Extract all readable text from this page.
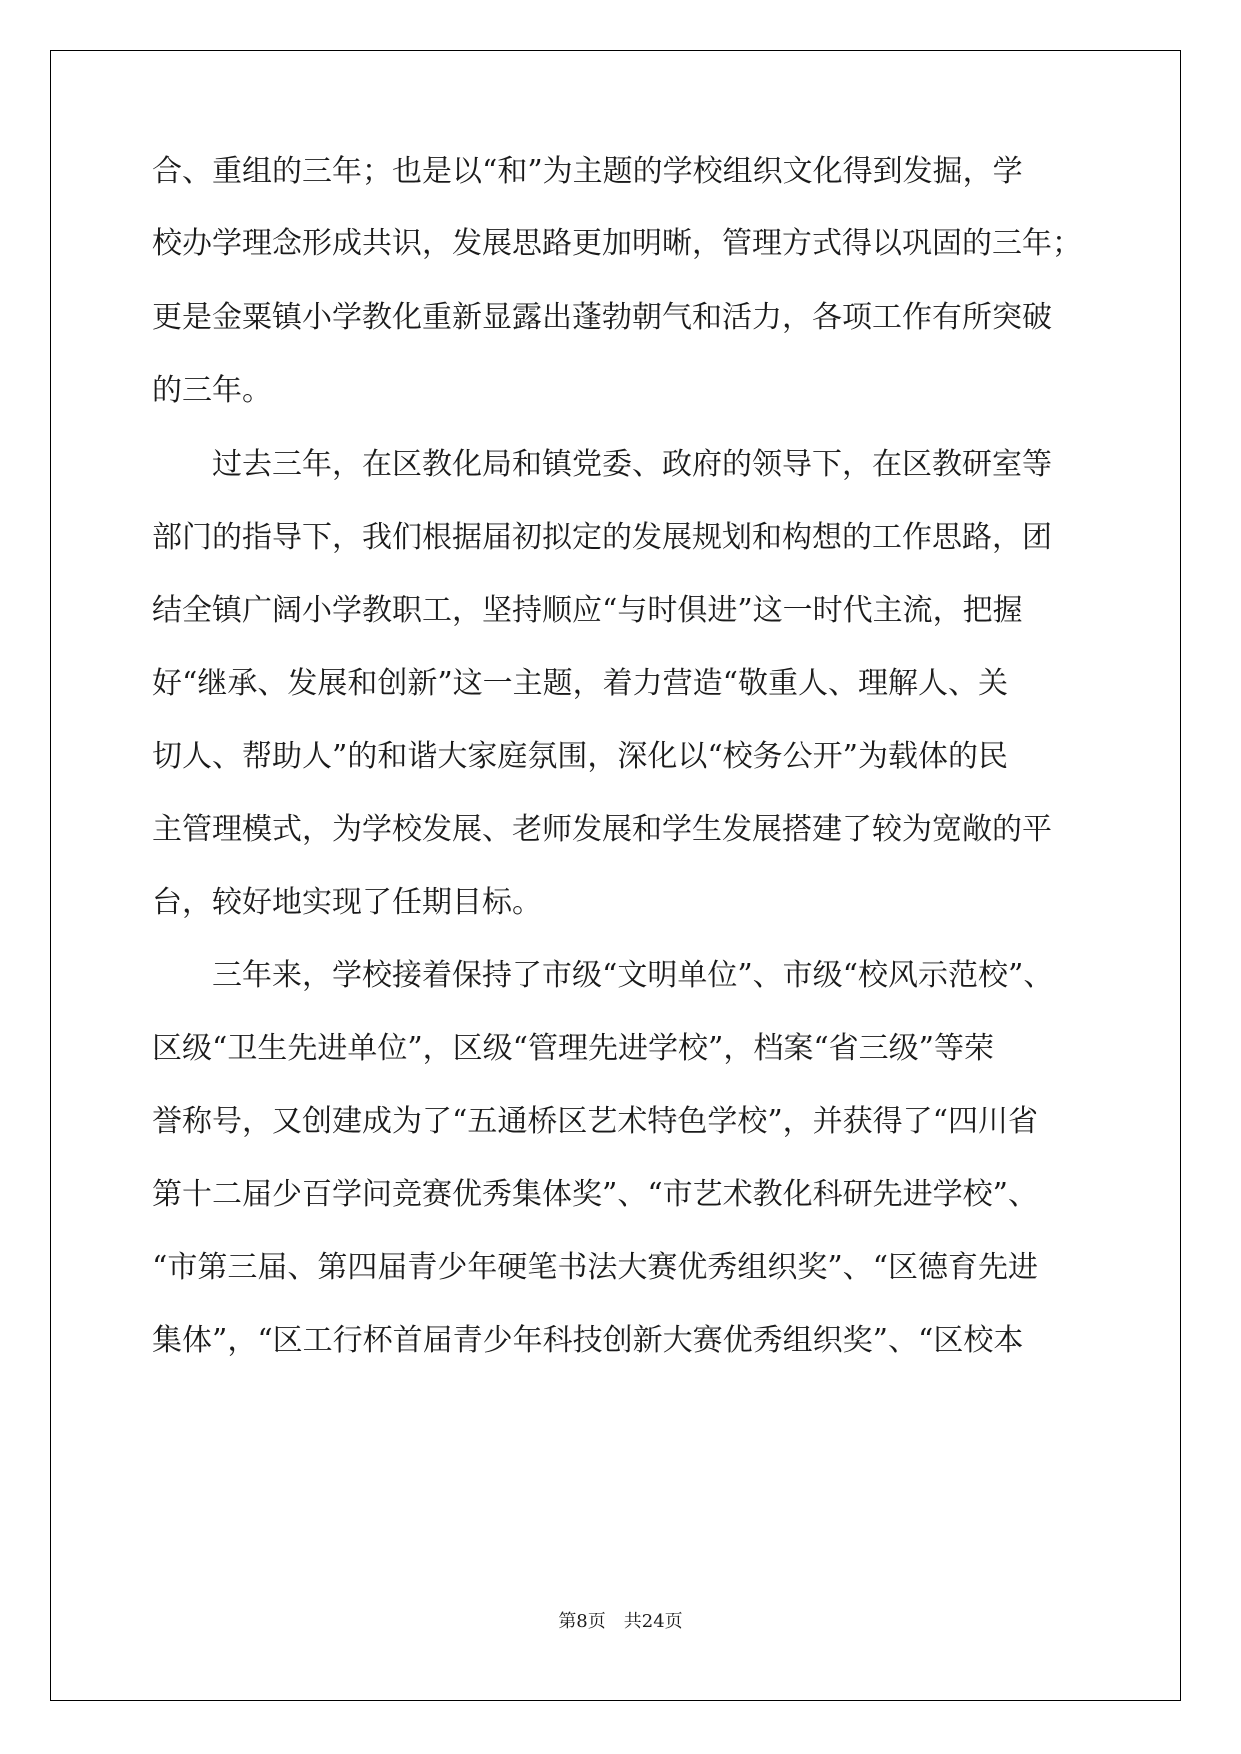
合、重组的三年；也是以“和”为主题的学校组织文化得到发掘，学
校办学理念形成共识，发展思路更加明晰，管理方式得以巩固的三年；
更是金粟镇小学教化重新显露出蓬勃朝气和活力，各项工作有所突破
的三年。
　　过去三年，在区教化局和镇党委、政府的领导下，在区教研室等
部门的指导下，我们根据届初拟定的发展规划和构想的工作思路，团
结全镇广阔小学教职工，坚持顺应“与时俱进”这一时代主流，把握
好“继承、发展和创新”这一主题，着力营造“敬重人、理解人、关
切人、帮助人”的和谐大家庭氛围，深化以“校务公开”为载体的民
主管理模式，为学校发展、老师发展和学生发展搭建了较为宽敞的平
台，较好地实现了任期目标。
　　三年来，学校接着保持了市级“文明单位”、市级“校风示范校”、
区级“卫生先进单位”，区级“管理先进学校”，档案“省三级”等荣
誉称号，又创建成为了“五通桥区艺术特色学校”，并获得了“四川省
第十二届少百学问竞赛优秀集体奖”、“市艺术教化科研先进学校”、
“市第三届、第四届青少年硬笔书法大赛优秀组织奖”、“区德育先进
集体”，“区工行杯首届青少年科技创新大赛优秀组织奖”、“区校本
第8页　共24页
